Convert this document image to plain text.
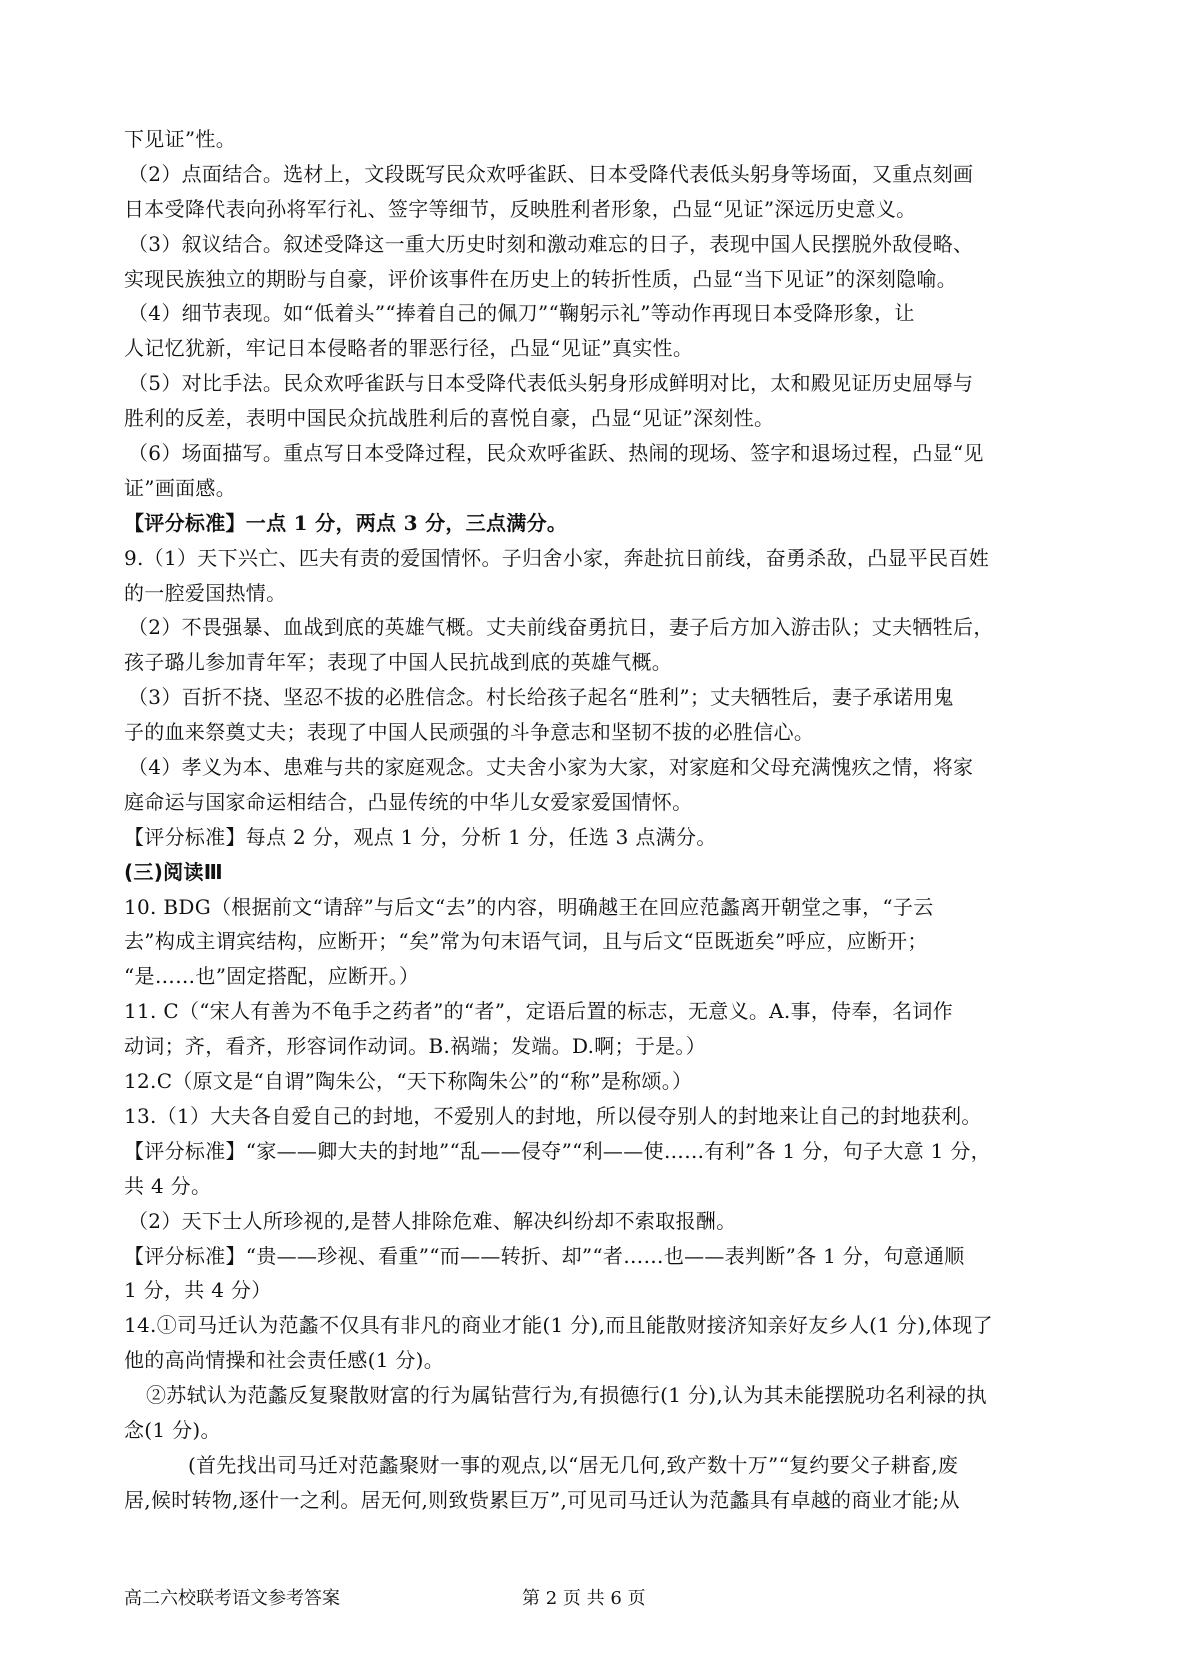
下见证”性。
（2）点面结合。选材上，文段既写民众欢呼雀跃、日本受降代表低头躬身等场面，又重点刻画
日本受降代表向孙将军行礼、签字等细节，反映胜利者形象，凸显“见证”深远历史意义。
（3）叙议结合。叙述受降这一重大历史时刻和激动难忘的日子，表现中国人民摆脱外敌侵略、
实现民族独立的期盼与自豪，评价该事件在历史上的转折性质，凸显“当下见证”的深刻隐喻。
（4）细节表现。如“低着头”“捧着自己的佩刀”“鞠躬示礼”等动作再现日本受降形象，让
人记忆犹新，牢记日本侵略者的罪恶行径，凸显“见证”真实性。
（5）对比手法。民众欢呼雀跃与日本受降代表低头躬身形成鲜明对比，太和殿见证历史屈辱与
胜利的反差，表明中国民众抗战胜利后的喜悦自豪，凸显“见证”深刻性。
（6）场面描写。重点写日本受降过程，民众欢呼雀跃、热闹的现场、签字和退场过程，凸显“见
证”画面感。
【评分标准】一点 1 分，两点 3 分，三点满分。
9.（1）天下兴亡、匹夫有责的爱国情怀。子归舍小家，奔赴抗日前线，奋勇杀敌，凸显平民百姓
的一腔爱国热情。
（2）不畏强暴、血战到底的英雄气概。丈夫前线奋勇抗日，妻子后方加入游击队；丈夫牺牲后，
孩子璐儿参加青年军；表现了中国人民抗战到底的英雄气概。
（3）百折不挠、坚忍不拔的必胜信念。村长给孩子起名“胜利”；丈夫牺牲后，妻子承诺用鬼
子的血来祭奠丈夫；表现了中国人民顽强的斗争意志和坚韧不拔的必胜信心。
（4）孝义为本、患难与共的家庭观念。丈夫舍小家为大家，对家庭和父母充满愧疚之情，将家
庭命运与国家命运相结合，凸显传统的中华儿女爱家爱国情怀。
【评分标准】每点 2 分，观点 1 分，分析 1 分，任选 3 点满分。
(三)阅读Ⅲ
10. BDG（根据前文“请辞”与后文“去”的内容，明确越王在回应范蠡离开朝堂之事，“子云
去”构成主谓宾结构，应断开；“矣”常为句末语气词，且与后文“臣既逝矣”呼应，应断开；
“是……也”固定搭配，应断开。）
11. C（“宋人有善为不龟手之药者”的“者”，定语后置的标志，无意义。A.事，侍奉，名词作
动词；齐，看齐，形容词作动词。B.祸端；发端。D.啊；于是。）
12.C（原文是“自谓”陶朱公，“天下称陶朱公”的“称”是称颂。）
13.（1）大夫各自爱自己的封地，不爱别人的封地，所以侵夺别人的封地来让自己的封地获利。
【评分标准】“家——卿大夫的封地”“乱——侵夺”“利——使……有利”各 1 分，句子大意 1 分，
共 4 分。
（2）天下士人所珍视的,是替人排除危难、解决纠纷却不索取报酬。
【评分标准】“贵——珍视、看重”“而——转折、却”“者……也——表判断”各 1 分，句意通顺
1 分，共 4 分）
14.①司马迁认为范蠡不仅具有非凡的商业才能(1 分),而且能散财接济知亲好友乡人(1 分),体现了
他的高尚情操和社会责任感(1 分)。
②苏轼认为范蠡反复聚散财富的行为属钻营行为,有损德行(1 分),认为其未能摆脱功名利禄的执
念(1 分)。
(首先找出司马迁对范蠡聚财一事的观点,以“居无几何,致产数十万”“复约要父子耕畜,废
居,候时转物,逐什一之利。居无何,则致赀累巨万”,可见司马迁认为范蠡具有卓越的商业才能;从
高二六校联考语文参考答案	第 2 页 共 6 页
